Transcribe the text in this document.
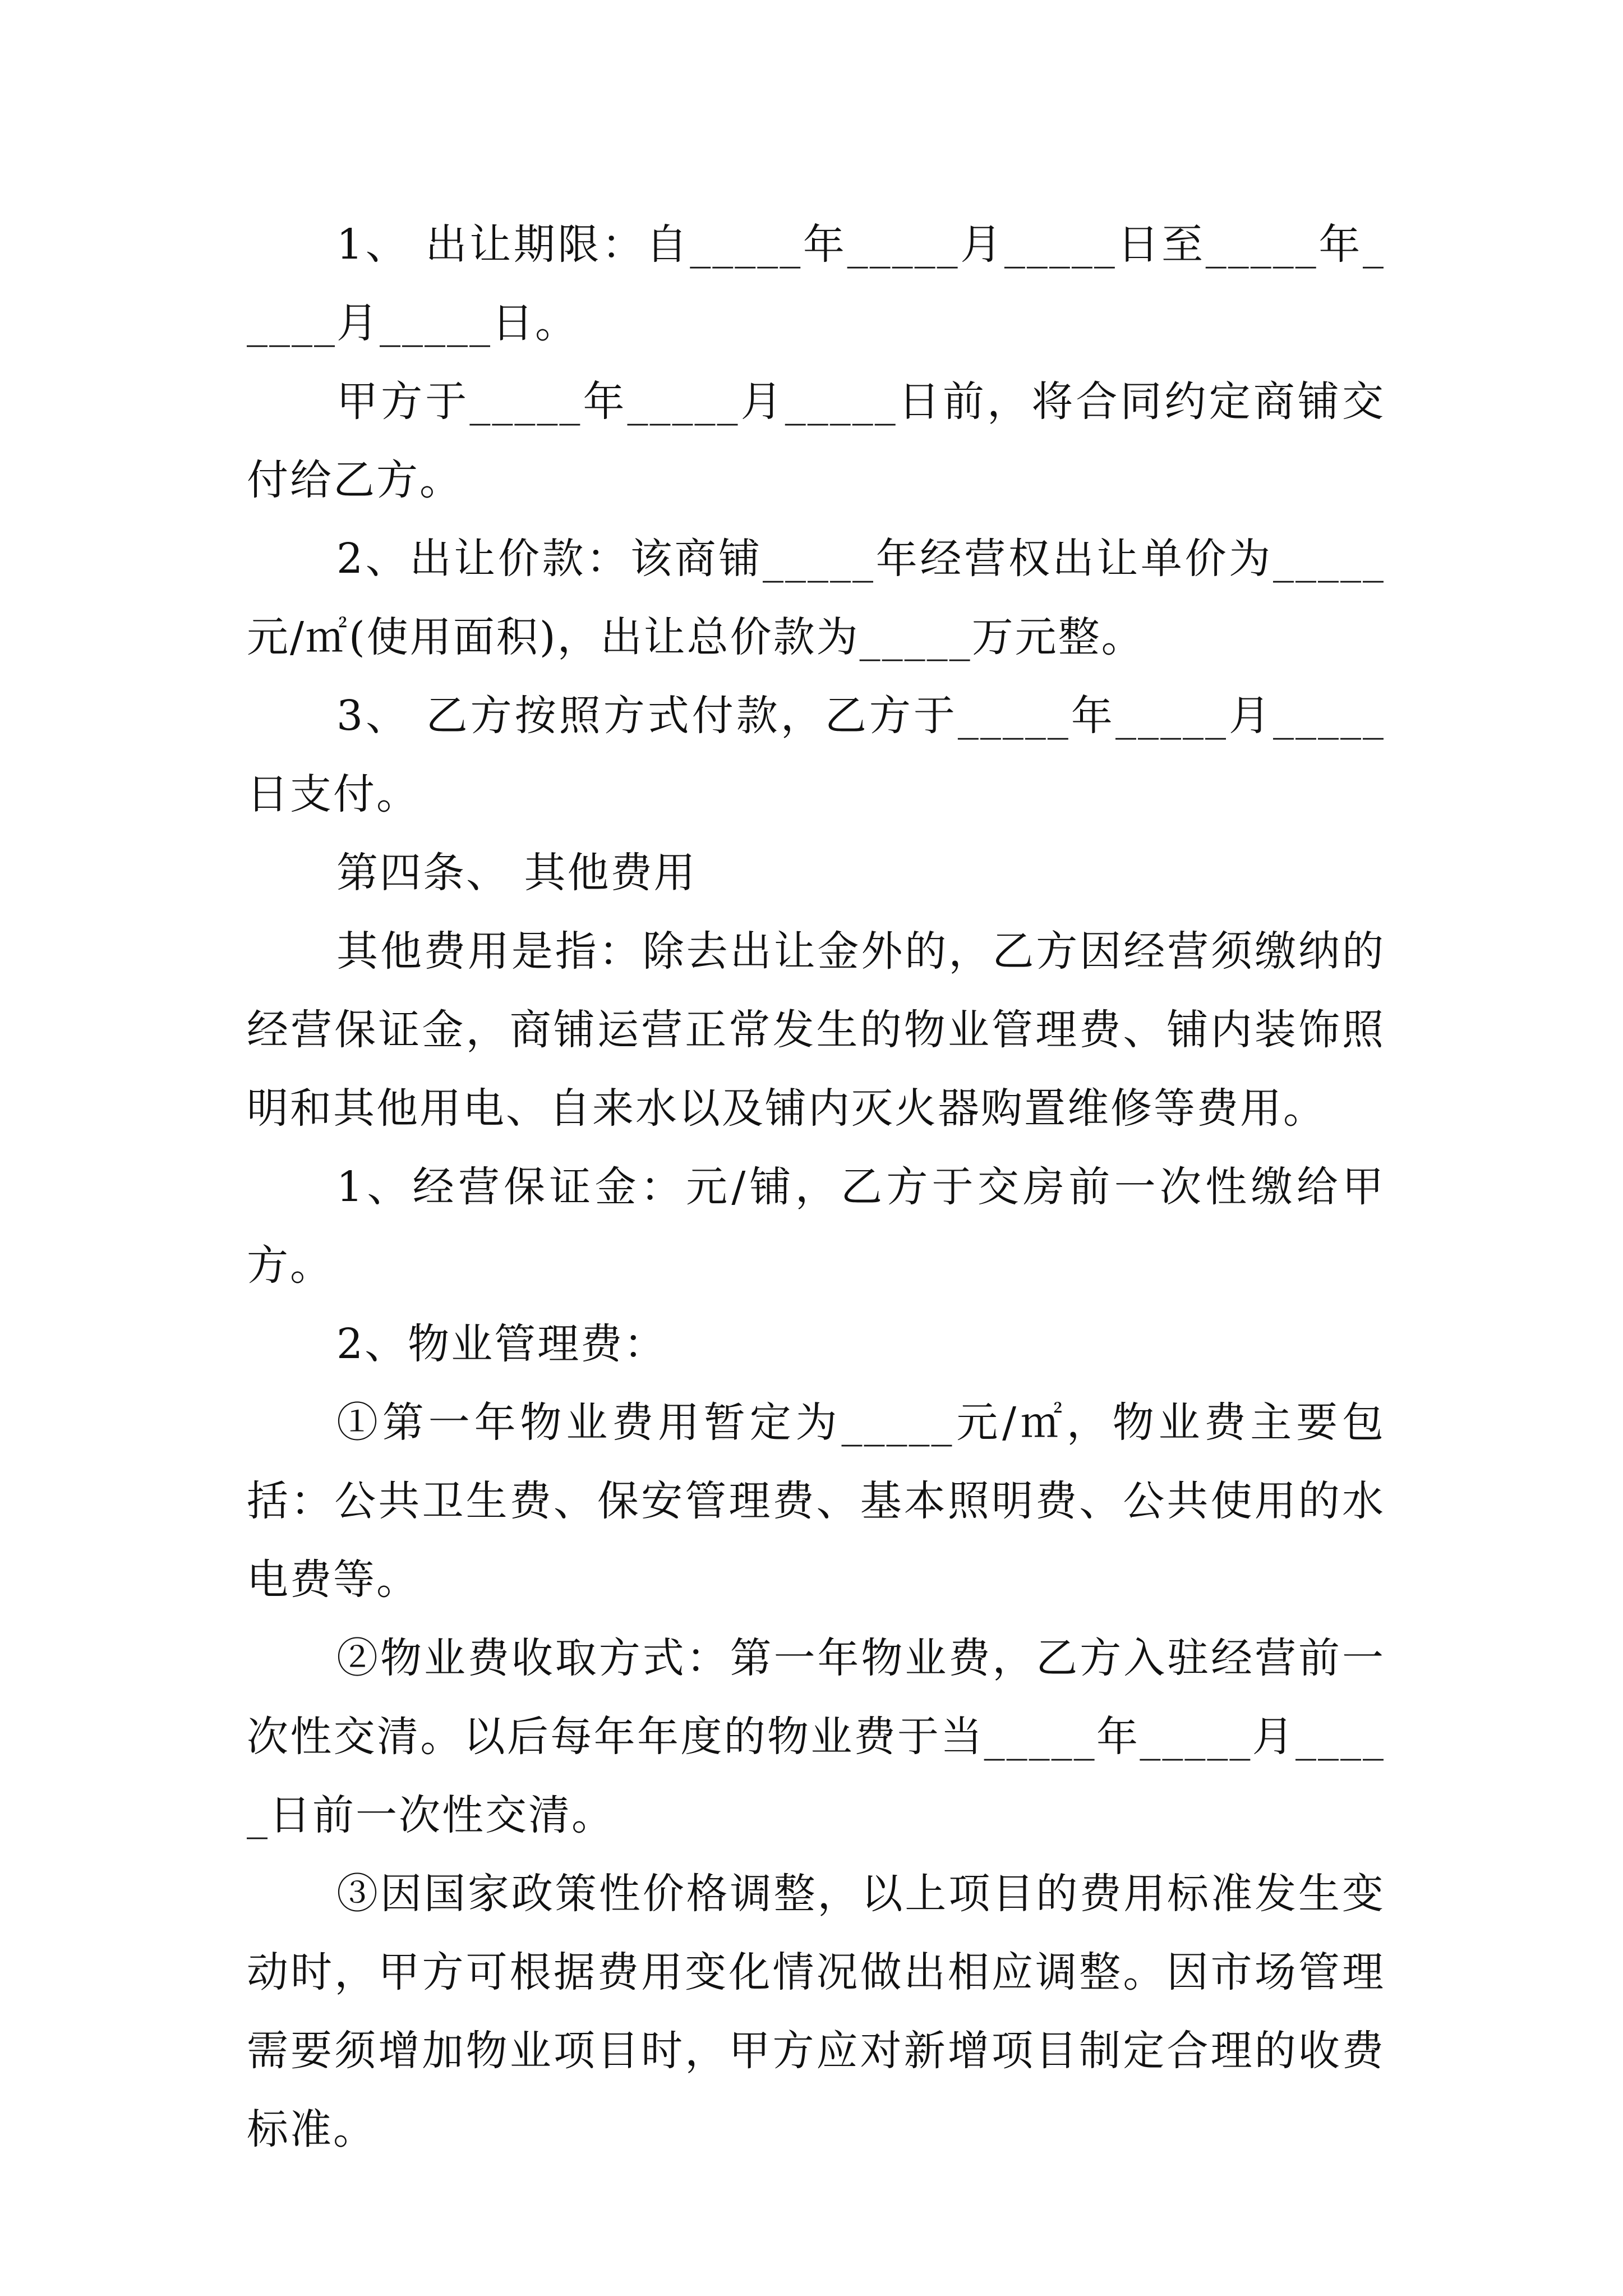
1、 出让期限：自_____年_____月_____日至_____年_____月_____日。

甲方于_____年_____月_____日前，将合同约定商铺交付给乙方。

2、出让价款：该商铺_____年经营权出让单价为_____元/㎡(使用面积)，出让总价款为_____万元整。

3、 乙方按照方式付款，乙方于_____年_____月_____日支付。

第四条、 其他费用

其他费用是指：除去出让金外的，乙方因经营须缴纳的经营保证金，商铺运营正常发生的物业管理费、铺内装饰照明和其他用电、自来水以及铺内灭火器购置维修等费用。

1、经营保证金：元/铺，乙方于交房前一次性缴给甲方。

2、物业管理费：

①第一年物业费用暂定为_____元/㎡，物业费主要包括：公共卫生费、保安管理费、基本照明费、公共使用的水电费等。

②物业费收取方式：第一年物业费，乙方入驻经营前一次性交清。以后每年年度的物业费于当_____年_____月_____日前一次性交清。

③因国家政策性价格调整，以上项目的费用标准发生变动时，甲方可根据费用变化情况做出相应调整。因市场管理需要须增加物业项目时，甲方应对新增项目制定合理的收费标准。
